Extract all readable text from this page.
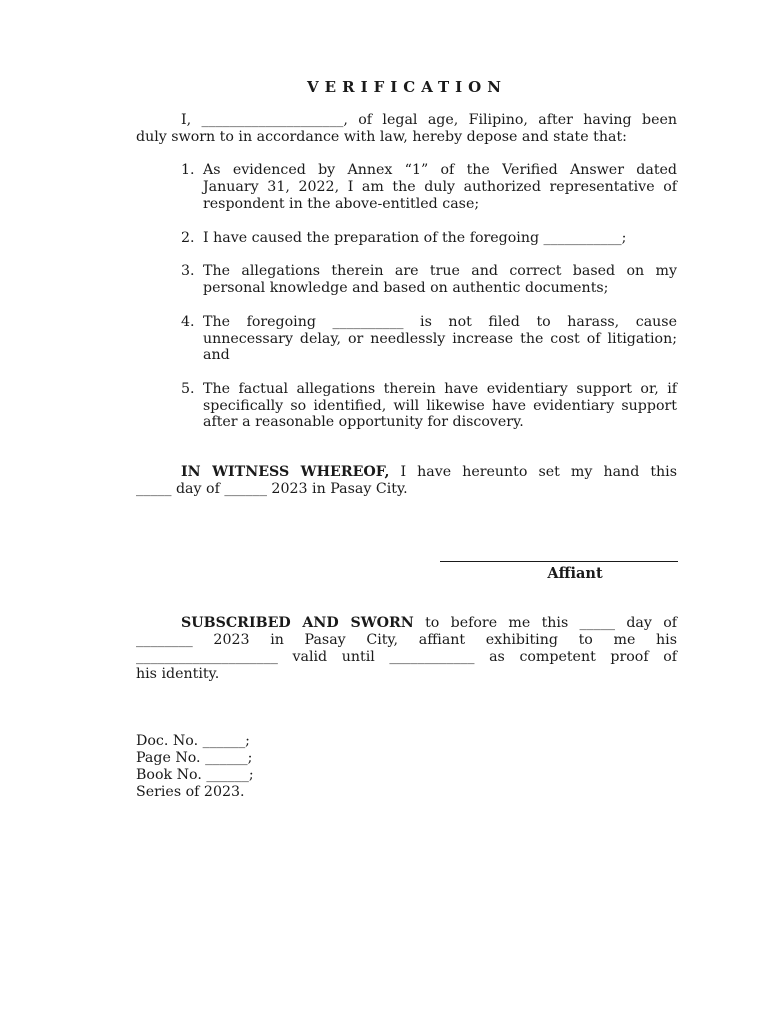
VERIFICATION
I, ____________________, of legal age, Filipino, after having been
duly sworn to in accordance with law, hereby depose and state that:
1. As evidenced by Annex “1” of the Verified Answer dated
January 31, 2022, I am the duly authorized representative of
respondent in the above-entitled case;
2. I have caused the preparation of the foregoing ___________;
3. The allegations therein are true and correct based on my
personal knowledge and based on authentic documents;
4. The foregoing __________ is not filed to harass, cause
unnecessary delay, or needlessly increase the cost of litigation;
and
5. The factual allegations therein have evidentiary support or, if
specifically so identified, will likewise have evidentiary support
after a reasonable opportunity for discovery.
IN WITNESS WHEREOF, I have hereunto set my hand this
_____ day of ______ 2023 in Pasay City.
Affiant
SUBSCRIBED AND SWORN to before me this _____ day of
________ 2023 in Pasay City, affiant exhibiting to me his
____________________ valid until ____________ as competent proof of
his identity.
Doc. No. ______;
Page No. ______;
Book No. ______;
Series of 2023.
